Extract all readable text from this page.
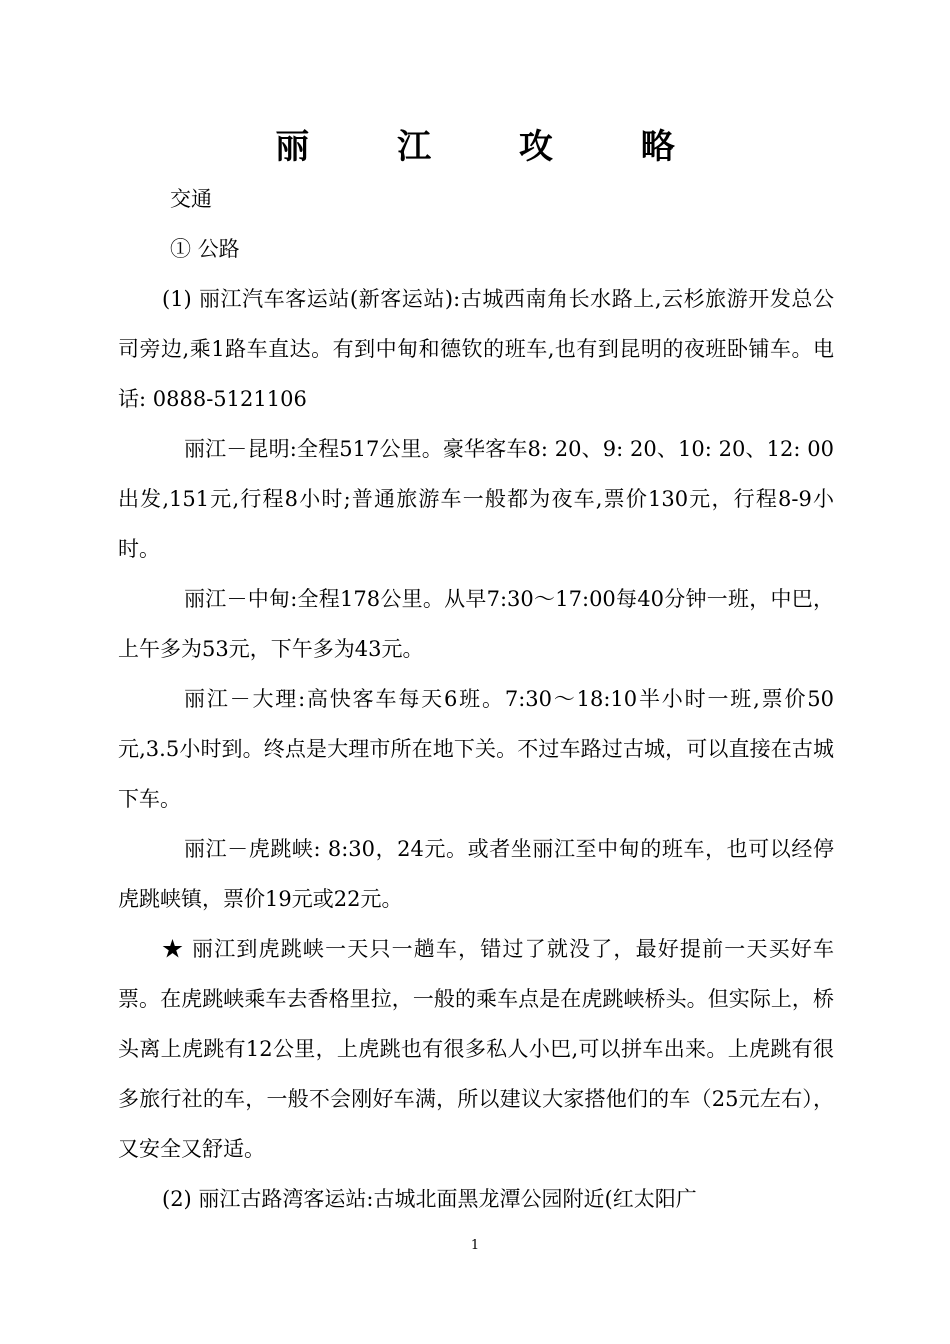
丽 江 攻 略

交通

① 公路

(1) 丽江汽车客运站(新客运站):古城西南角长水路上,云杉旅游开发总公司旁边,乘1路车直达。有到中甸和德钦的班车,也有到昆明的夜班卧铺车。电话: 0888-5121106

丽江－昆明:全程517公里。豪华客车8: 20、9: 20、10: 20、12: 00出发,151元,行程8小时;普通旅游车一般都为夜车,票价130元，行程8-9小时。

丽江－中甸:全程178公里。从早7:30～17:00每40分钟一班，中巴，上午多为53元，下午多为43元。

丽江－大理:高快客车每天6班。7:30～18:10半小时一班,票价50元,3.5小时到。终点是大理市所在地下关。不过车路过古城，可以直接在古城下车。

丽江－虎跳峡: 8:30，24元。或者坐丽江至中甸的班车，也可以经停虎跳峡镇，票价19元或22元。

★ 丽江到虎跳峡一天只一趟车，错过了就没了，最好提前一天买好车票。在虎跳峡乘车去香格里拉，一般的乘车点是在虎跳峡桥头。但实际上，桥头离上虎跳有12公里，上虎跳也有很多私人小巴,可以拼车出来。上虎跳有很多旅行社的车，一般不会刚好车满，所以建议大家搭他们的车（25元左右），又安全又舒适。

(2) 丽江古路湾客运站:古城北面黑龙潭公园附近(红太阳广

1
